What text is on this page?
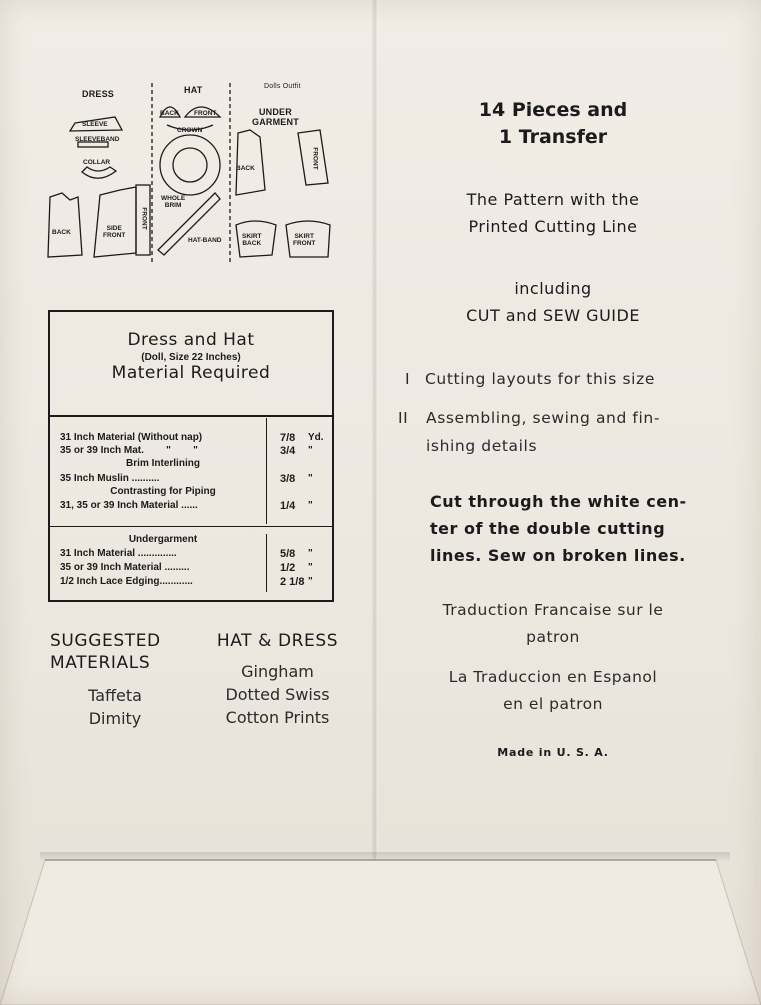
DRESS	HAT	Dolls Outfit
UNDER
GARMENT
SLEEVE
SLEEVEBAND
COLLAR
BACK
SIDE
FRONT
FRONT
BACK FRONT
CROWN
WHOLE
BRIM
HAT-BAND
BACK	FRONT
SKIRT
BACK
SKIRT
FRONT
Dress and Hat
(Doll, Size 22 Inches)
Material Required
31 Inch Material (Without nap)	7/8 Yd.
35 or 39 Inch Mat.        "        "	3/4 "
Brim Interlining
35 Inch Muslin ..........	3/8 "
Contrasting for Piping
31, 35 or 39 Inch Material ......	1/4 "
Undergarment
31 Inch Material ..............	5/8 "
35 or 39 Inch Material .........	1/2 "
1/2 Inch Lace Edging............	2 1/8 "
SUGGESTED
MATERIALS
Taffeta
Dimity
HAT & DRESS
Gingham
Dotted Swiss
Cotton Prints
14 Pieces and
1 Transfer
The Pattern with the
Printed Cutting Line
including
CUT and SEW GUIDE
I Cutting layouts for this size
II Assembling, sewing and fin-
ishing details
Cut through the white cen-
ter of the double cutting
lines. Sew on broken lines.
Traduction Francaise sur le
patron
La Traduccion en Espanol
en el patron
Made in U. S. A.
